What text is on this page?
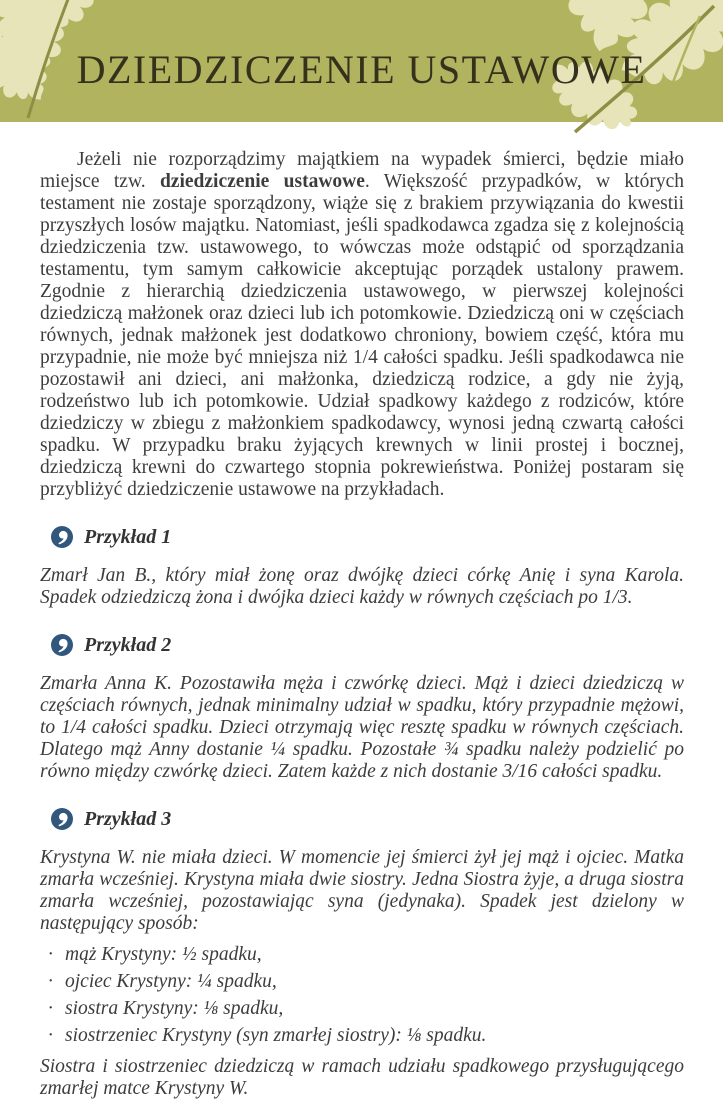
DZIEDZICZENIE USTAWOWE

Jeżeli nie rozporządzimy majątkiem na wypadek śmierci, będzie miało miejsce tzw. dziedziczenie ustawowe. Większość przypadków, w których testament nie zostaje sporządzony, wiąże się z brakiem przywiązania do kwestii przyszłych losów majątku. Natomiast, jeśli spadkodawca zgadza się z kolejnością dziedziczenia tzw. ustawowego, to wówczas może odstąpić od sporządzania testamentu, tym samym całkowicie akceptując porządek ustalony prawem. Zgodnie z hierarchią dziedziczenia ustawowego, w pierwszej kolejności dziedziczą małżonek oraz dzieci lub ich potomkowie. Dziedziczą oni w częściach równych, jednak małżonek jest dodatkowo chroniony, bowiem część, która mu przypadnie, nie może być mniejsza niż 1/4 całości spadku. Jeśli spadkodawca nie pozostawił ani dzieci, ani małżonka, dziedziczą rodzice, a gdy nie żyją, rodzeństwo lub ich potomkowie. Udział spadkowy każdego z rodziców, które dziedziczy w zbiegu z małżonkiem spadkodawcy, wynosi jedną czwartą całości spadku. W przypadku braku żyjących krewnych w linii prostej i bocznej, dziedziczą krewni do czwartego stopnia pokrewieństwa. Poniżej postaram się przybliżyć dziedziczenie ustawowe na przykładach.

Przykład 1

Zmarł Jan B., który miał żonę oraz dwójkę dzieci córkę Anię i syna Karola. Spadek odziedziczą żona i dwójka dzieci każdy w równych częściach po 1/3.

Przykład 2

Zmarła Anna K. Pozostawiła męża i czwórkę dzieci. Mąż i dzieci dziedziczą w częściach równych, jednak minimalny udział w spadku, który przypadnie mężowi, to 1/4 całości spadku. Dzieci otrzymają więc resztę spadku w równych częściach. Dlatego mąż Anny dostanie ¼ spadku. Pozostałe ¾ spadku należy podzielić po równo między czwórkę dzieci. Zatem każde z nich dostanie 3/16 całości spadku.

Przykład 3

Krystyna W. nie miała dzieci. W momencie jej śmierci żył jej mąż i ojciec. Matka zmarła wcześniej. Krystyna miała dwie siostry. Jedna Siostra żyje, a druga siostra zmarła wcześniej, pozostawiając syna (jedynaka). Spadek jest dzielony w następujący sposób:

· mąż Krystyny: ½ spadku,
· ojciec Krystyny: ¼ spadku,
· siostra Krystyny: ⅛ spadku,
· siostrzeniec Krystyny (syn zmarłej siostry): ⅛ spadku.

Siostra i siostrzeniec dziedziczą w ramach udziału spadkowego przysługującego zmarłej matce Krystyny W.
